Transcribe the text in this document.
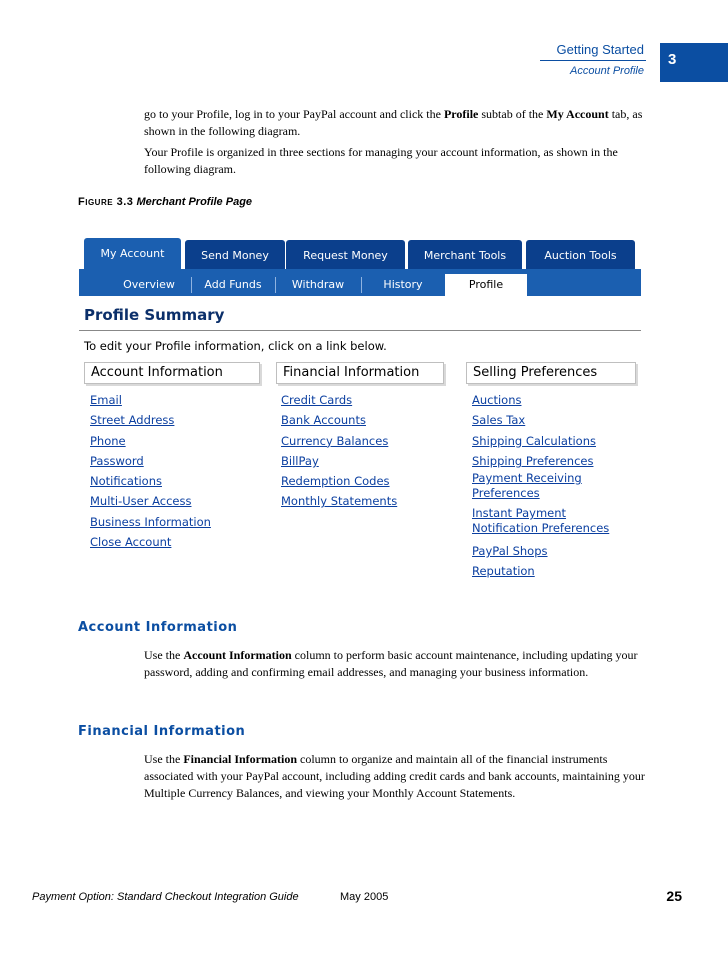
Getting Started
Account Profile
3
go to your Profile, log in to your PayPal account and click the Profile subtab of the My Account tab, as shown in the following diagram.
Your Profile is organized in three sections for managing your account information, as shown in the following diagram.
FIGURE 3.3 Merchant Profile Page
My Account	Send Money	Request Money	Merchant Tools	Auction Tools
Overview	Add Funds	Withdraw	History	Profile
Profile Summary
To edit your Profile information, click on a link below.
Account Information
Email
Street Address
Phone
Password
Notifications
Multi-User Access
Business Information
Close Account
Financial Information
Credit Cards
Bank Accounts
Currency Balances
BillPay
Redemption Codes
Monthly Statements
Selling Preferences
Auctions
Sales Tax
Shipping Calculations
Shipping Preferences
Payment Receiving Preferences
Instant Payment Notification Preferences
PayPal Shops
Reputation
Account Information
Use the Account Information column to perform basic account maintenance, including updating your password, adding and confirming email addresses, and managing your business information.
Financial Information
Use the Financial Information column to organize and maintain all of the financial instruments associated with your PayPal account, including adding credit cards and bank accounts, maintaining your Multiple Currency Balances, and viewing your Monthly Account Statements.
Payment Option: Standard Checkout Integration Guide	May 2005	25
